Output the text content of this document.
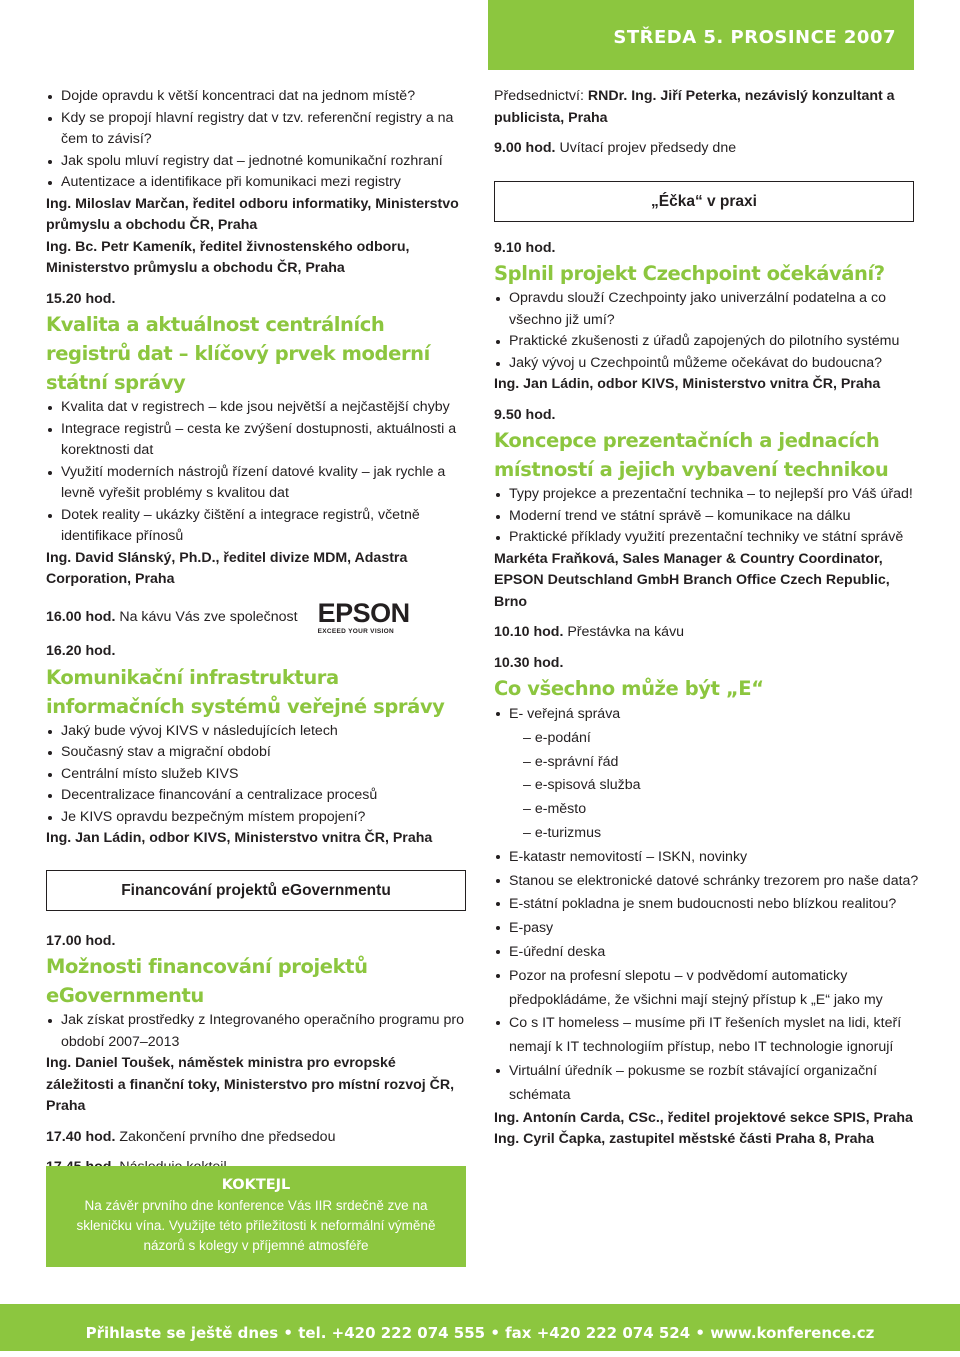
STŘEDA 5. PROSINCE 2007
Dojde opravdu k větší koncentraci dat na jednom místě?
Kdy se propojí hlavní registry dat v tzv. referenční registry a na čem to závisí?
Jak spolu mluví registry dat – jednotné komunikační rozhraní
Autentizace a identifikace při komunikaci mezi registry

Ing. Miloslav Marčan, ředitel odboru informatiky, Ministerstvo průmyslu a obchodu ČR, Praha

Ing. Bc. Petr Kameník, ředitel živnostenského odboru, Ministerstvo průmyslu a obchodu ČR, Praha

15.20 hod.

Kvalita a aktuálnost centrálních registrů dat – klíčový prvek moderní státní správy

Kvalita dat v registrech – kde jsou největší a nejčastější chyby
Integrace registrů – cesta ke zvýšení dostupnosti, aktuálnosti a korektnosti dat
Využití moderních nástrojů řízení datové kvality – jak rychle a levně vyřešit problémy s kvalitou dat
Dotek reality – ukázky čištění a integrace registrů, včetně identifikace přínosů

Ing. David Slánský, Ph.D., ředitel divize MDM, Adastra Corporation, Praha

16.00 hod. Na kávu Vás zve společnost EPSON
EXCEED YOUR VISION

16.20 hod.

Komunikační infrastruktura informačních systémů veřejné správy

Jaký bude vývoj KIVS v následujících letech
Současný stav a migrační období
Centrální místo služeb KIVS
Decentralizace financování a centralizace procesů
Je KIVS opravdu bezpečným místem propojení?

Ing. Jan Ládin, odbor KIVS, Ministerstvo vnitra ČR, Praha

Financování projektů eGovernmentu

17.00 hod.

Možnosti financování projektů eGovernmentu

Jak získat prostředky z Integrovaného operačního programu pro období 2007–2013

Ing. Daniel Toušek, náměstek ministra pro evropské záležitosti a finanční toky, Ministerstvo pro místní rozvoj ČR, Praha

17.40 hod. Zakončení prvního dne předsedou

KOKTEJL
Na závěr prvního dne konference Vás IIR srdečně zve na skleničku vína. Využijte této příležitosti k neformální výměně názorů s kolegy v příjemné atmosféře

Předsednictví: RNDr. Ing. Jiří Peterka, nezávislý konzultant a publicista, Praha

9.00 hod. Uvítací projev předsedy dne

„Éčka“ v praxi

9.10 hod.

Splnil projekt Czechpoint očekávání?

Opravdu slouží Czechpointy jako univerzální podatelna a co všechno již umí?
Praktické zkušenosti z úřadů zapojených do pilotního systému
Jaký vývoj u Czechpointů můžeme očekávat do budoucna?

Ing. Jan Ládin, odbor KIVS, Ministerstvo vnitra ČR, Praha

9.50 hod.

Koncepce prezentačních a jednacích místností a jejich vybavení technikou

Typy projekce a prezentační technika – to nejlepší pro Váš úřad!
Moderní trend ve státní správě – komunikace na dálku
Praktické příklady využití prezentační techniky ve státní správě

Markéta Fraňková, Sales Manager & Country Coordinator, EPSON Deutschland GmbH Branch Office Czech Republic, Brno

10.10 hod. Přestávka na kávu

10.30 hod.

Co všechno může být „E“

E- veřejná správa
– e-podání
– e-správní řád
– e-spisová služba
– e-město
– e-turizmus
E-katastr nemovitostí – ISKN, novinky
Stanou se elektronické datové schránky trezorem pro naše data?
E-státní pokladna je snem budoucnosti nebo blízkou realitou?
E-pasy
E-úřední deska
Pozor na profesní slepotu – v podvědomí automaticky předpokládáme, že všichni mají stejný přístup k „E“ jako my
Co s IT homeless – musíme při IT řešeních myslet na lidi, kteří nemají k IT technologiím přístup, nebo IT technologie ignorují
Virtuální úředník – pokusme se rozbít stávající organizační schémata

Ing. Antonín Carda, CSc., ředitel projektové sekce SPIS, Praha

Ing. Cyril Čapka, zastupitel městské části Praha 8, Praha

Přihlaste se ještě dnes • tel. +420 222 074 555 • fax +420 222 074 524 • www.konference.cz
